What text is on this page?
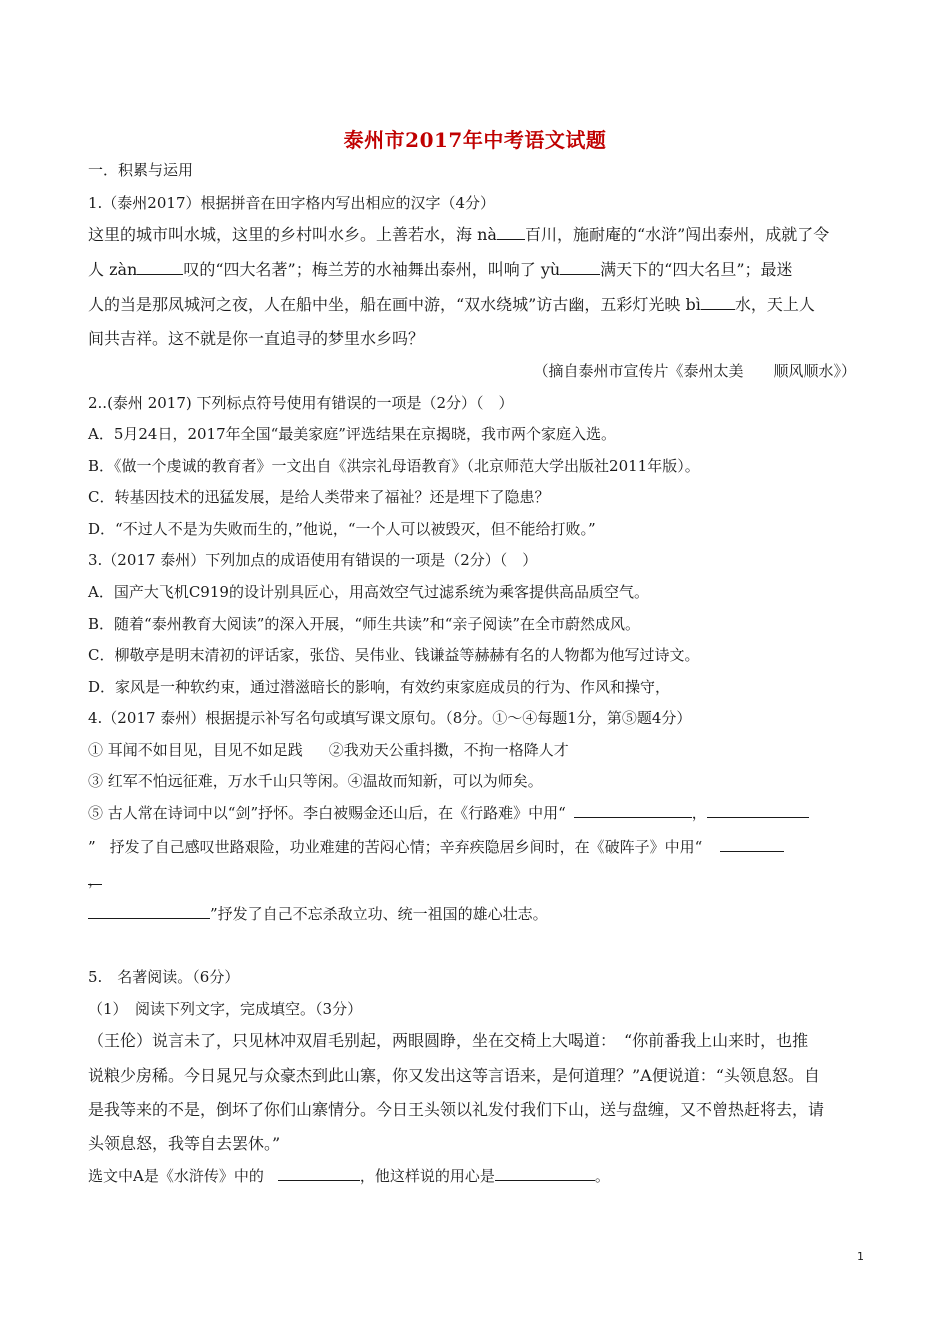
泰州市2017年中考语文试题
一．积累与运用
1.（泰州2017）根据拼音在田字格内写出相应的汉字（4分）
这里的城市叫水城，这里的乡村叫水乡。上善若水，海 nà 百川，施耐庵的“水浒”闯出泰州，成就了令
人 zàn	叹的“四大名著”；梅兰芳的水袖舞出泰州，叫响了 yù	满天下的“四大名旦”；最迷
人的当是那凤城河之夜，人在船中坐，船在画中游，“双水绕城”访古幽，五彩灯光映 bì 水，天上人
间共吉祥。这不就是你一直追寻的梦里水乡吗？
（摘自泰州市宣传片《泰州太美　　顺风顺水》）
2..(泰州 2017) 下列标点符号使用有错误的一项是（2分）（　）
A．5月24日，2017年全国“最美家庭”评选结果在京揭晓，我市两个家庭入选。
B．《做一个虔诚的教育者》一文出自《洪宗礼母语教育》（北京师范大学出版社2011年版）。
C．转基因技术的迅猛发展，是给人类带来了福祉？还是埋下了隐患？
D．“不过人不是为失败而生的，”他说，“一个人可以被毁灭，但不能给打败。”
3.（2017 泰州）下列加点的成语使用有错误的一项是（2分）（　）
A．国产大飞机C919的设计别具匠心，用高效空气过滤系统为乘客提供高品质空气。
B．随着“泰州教育大阅读”的深入开展，“师生共读”和“亲子阅读”在全市蔚然成风。
C．柳敬亭是明末清初的评话家，张岱、吴伟业、钱谦益等赫赫有名的人物都为他写过诗文。
D．家风是一种软约束，通过潜滋暗长的影响，有效约束家庭成员的行为、作风和操守，
4.（2017 泰州）根据提示补写名句或填写课文原句。（8分。①～④每题1分，第⑤题4分）
① 耳闻不如目见，目见不如足践 ②我劝天公重抖擞，不拘一格降人才
③ 红军不怕远征难，万水千山只等闲。④温故而知新，可以为师矣。
⑤ 古人常在诗词中以“剑”抒怀。李白被赐金还山后，在《行路难》中用“	，
” 抒发了自己感叹世路艰险，功业难建的苦闷心情；辛弃疾隐居乡间时，在《破阵子》中用“
，
”抒发了自己不忘杀敌立功、统一祖国的雄心壮志。
5.　名著阅读。（6分）
（1）　阅读下列文字，完成填空。（3分）
（王伦）说言未了，只见林冲双眉毛别起，两眼圆睁，坐在交椅上大喝道：　“你前番我上山来时，也推
说粮少房稀。今日晁兄与众豪杰到此山寨，你又发出这等言语来，是何道理？”A便说道：“头领息怒。自
是我等来的不是，倒坏了你们山寨情分。今日王头领以礼发付我们下山，送与盘缠，又不曾热赶将去，请
头领息怒，我等自去罢休。”
选文中A是《水浒传》中的	，他这样说的用心是	。
1
